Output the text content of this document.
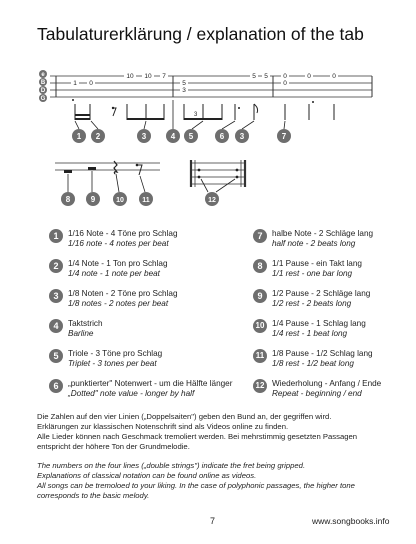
Tabulaturerklärung / explanation of the tab
e
B
D
G
1 0
10 10 7
5
3
5 5 0
0
0	0
3
1 2	3	4 5	6 3	7
8	9	10	11	12
1	1/16 Note - 4 Töne pro Schlag
1/16 note - 4 notes per beat
2	1/4 Note - 1 Ton pro Schlag
1/4 note - 1 note per beat
3	1/8 Noten - 2 Töne pro Schlag
1/8 notes - 2 notes per beat
4	Taktstrich
Barline
5	Triole - 3 Töne pro Schlag
Triplet - 3 tones per beat
6	„punktierter" Notenwert - um die Hälfte länger
„Dotted" note value - longer by half
7	halbe Note - 2 Schläge lang
half note - 2 beats long
8	1/1 Pause - ein Takt lang
1/1 rest - one bar long
9	1/2 Pause - 2 Schläge lang
1/2 rest - 2 beats long
10 1/4 Pause - 1 Schlag lang
1/4 rest - 1 beat long
11 1/8 Pause - 1/2 Schlag lang
1/8 rest - 1/2 beat long
12 Wiederholung - Anfang / Ende
Repeat - beginning / end
Die Zahlen auf den vier Linien („Doppelsaiten") geben den Bund an, der gegriffen wird.
Erklärungen zur klassischen Notenschrift sind als Videos online zu finden.
Alle Lieder können nach Geschmack tremoliert werden. Bei mehrstimmig gesetzten Passagen
entspricht der höhere Ton der Grundmelodie.
The numbers on the four lines („double strings") indicate the fret being gripped.
Explanations of classical notation can be found online as videos.
All songs can be tremoloed to your liking. In the case of polyphonic passages, the higher tone
corresponds to the basic melody.
7	www.songbooks.info
